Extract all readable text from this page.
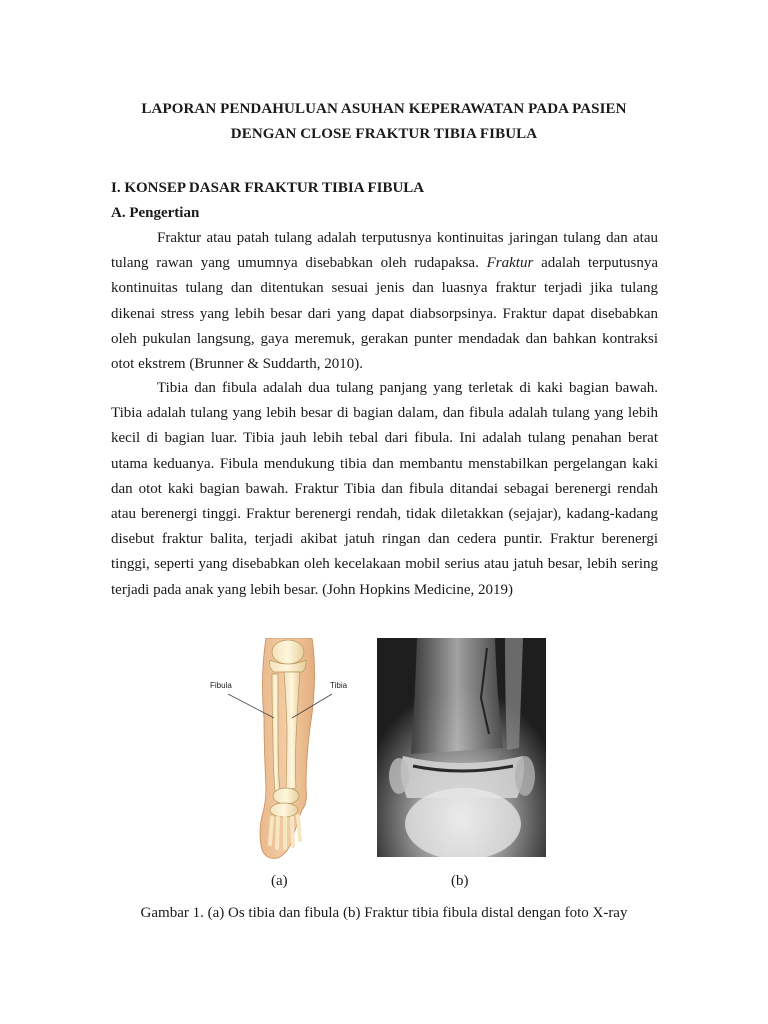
LAPORAN PENDAHULUAN ASUHAN KEPERAWATAN PADA PASIEN
DENGAN CLOSE FRAKTUR TIBIA FIBULA
I. KONSEP DASAR FRAKTUR TIBIA FIBULA
A. Pengertian

Fraktur atau patah tulang adalah terputusnya kontinuitas jaringan tulang dan atau tulang rawan yang umumnya disebabkan oleh rudapaksa. Fraktur adalah terputusnya kontinuitas tulang dan ditentukan sesuai jenis dan luasnya fraktur terjadi jika tulang dikenai stress yang lebih besar dari yang dapat diabsorpsinya. Fraktur dapat disebabkan oleh pukulan langsung, gaya meremuk, gerakan punter mendadak dan bahkan kontraksi otot ekstrem (Brunner & Suddarth, 2010).

Tibia dan fibula adalah dua tulang panjang yang terletak di kaki bagian bawah. Tibia adalah tulang yang lebih besar di bagian dalam, dan fibula adalah tulang yang lebih kecil di bagian luar. Tibia jauh lebih tebal dari fibula. Ini adalah tulang penahan berat utama keduanya. Fibula mendukung tibia dan membantu menstabilkan pergelangan kaki dan otot kaki bagian bawah. Fraktur Tibia dan fibula ditandai sebagai berenergi rendah atau berenergi tinggi. Fraktur berenergi rendah, tidak diletakkan (sejajar), kadang-kadang disebut fraktur balita, terjadi akibat jatuh ringan dan cedera puntir. Fraktur berenergi tinggi, seperti yang disebabkan oleh kecelakaan mobil serius atau jatuh besar, lebih sering terjadi pada anak yang lebih besar. (John Hopkins Medicine, 2019)

Fibula	Tibia
(a)	(b)
Gambar 1. (a) Os tibia dan fibula (b) Fraktur tibia fibula distal dengan foto X-ray
